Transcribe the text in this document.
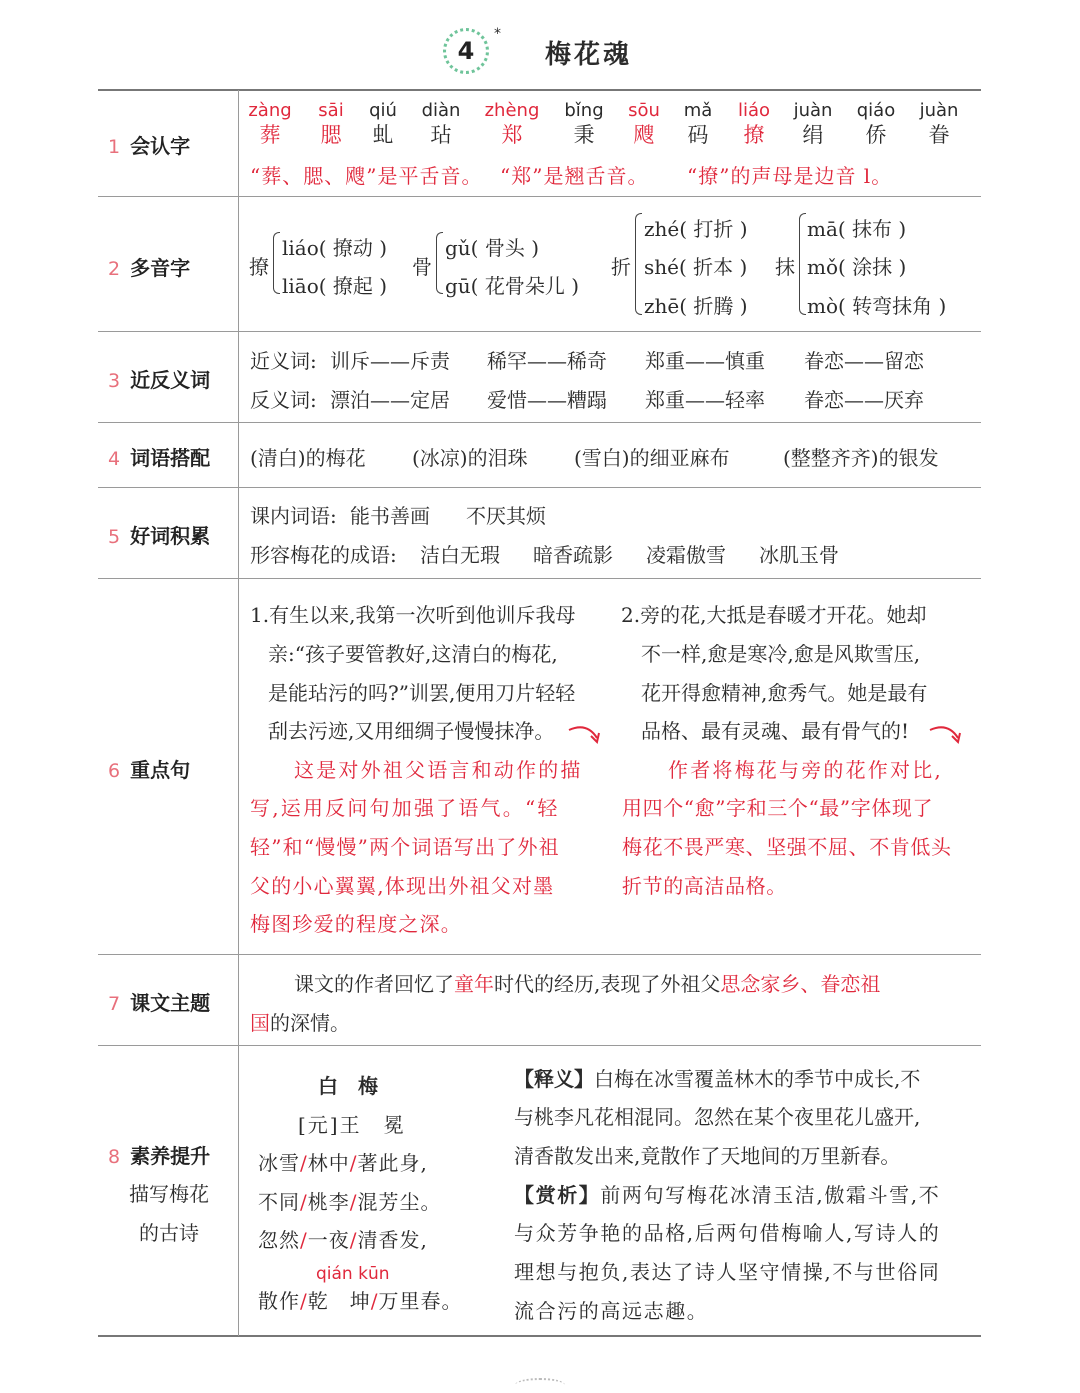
4
*
梅花魂
1 会认字
2 多音字
3 近反义词
4 词语搭配
5 好词积累
6 重点句
7 课文主题
8 素养提升
描写梅花
的古诗
zàng
葬
sāi
腮
qiú
虬
diàn
玷
zhèng
郑
bǐng
秉
sōu
飕
mǎ
码
liáo
撩
juàn
绢
qiáo
侨
juàn
眷
“葬、腮、飕”是平舌音。 “郑”是翘舌音。 “撩”的声母是边音 l。
撩
liáo( 撩动 )
liāo( 撩起 )
骨
gǔ( 骨头 )
gū( 花骨朵儿 )
折
zhé( 打折 )
shé( 折本 )
zhē( 折腾 )
抹
mā( 抹布 )
mǒ( 涂抹 )
mò( 转弯抹角 )
近义词: 训斥——斥责 稀罕——稀奇 郑重——慎重 眷恋——留恋
反义词: 漂泊——定居 爱惜——糟蹋 郑重——轻率 眷恋——厌弃
(清白)的梅花 (冰凉)的泪珠 (雪白)的细亚麻布	(整整齐齐)的银发
课内词语: 能书善画 不厌其烦
形容梅花的成语: 洁白无瑕 暗香疏影 凌霜傲雪 冰肌玉骨
1.有生以来,我第一次听到他训斥我母
亲:“孩子要管教好,这清白的梅花,
是能玷污的吗?”训罢,便用刀片轻轻
刮去污迹,又用细绸子慢慢抹净。
这是对外祖父语言和动作的描
写,运用反问句加强了语气。“轻
轻”和“慢慢”两个词语写出了外祖
父的小心翼翼,体现出外祖父对墨
梅图珍爱的程度之深。
2.旁的花,大抵是春暖才开花。她却
不一样,愈是寒冷,愈是风欺雪压,
花开得愈精神,愈秀气。她是最有
品格、最有灵魂、最有骨气的!
作者将梅花与旁的花作对比,
用四个“愈”字和三个“最”字体现了
梅花不畏严寒、坚强不屈、不肯低头
折节的高洁品格。
课文的作者回忆了童年时代的经历,表现了外祖父思念家乡、眷恋祖
国的深情。
白　梅
[元]王　冕
冰雪/林中/著此身,
不同/桃李/混芳尘。
忽然/一夜/清香发,
散作/乾　坤/万里春。
qián kūn
【释义】白梅在冰雪覆盖林木的季节中成长,不
与桃李凡花相混同。忽然在某个夜里花儿盛开,
清香散发出来,竟散作了天地间的万里新春。
【赏析】前两句写梅花冰清玉洁,傲霜斗雪,不
与众芳争艳的品格,后两句借梅喻人,写诗人的
理想与抱负,表达了诗人坚守情操,不与世俗同
流合污的高远志趣。
